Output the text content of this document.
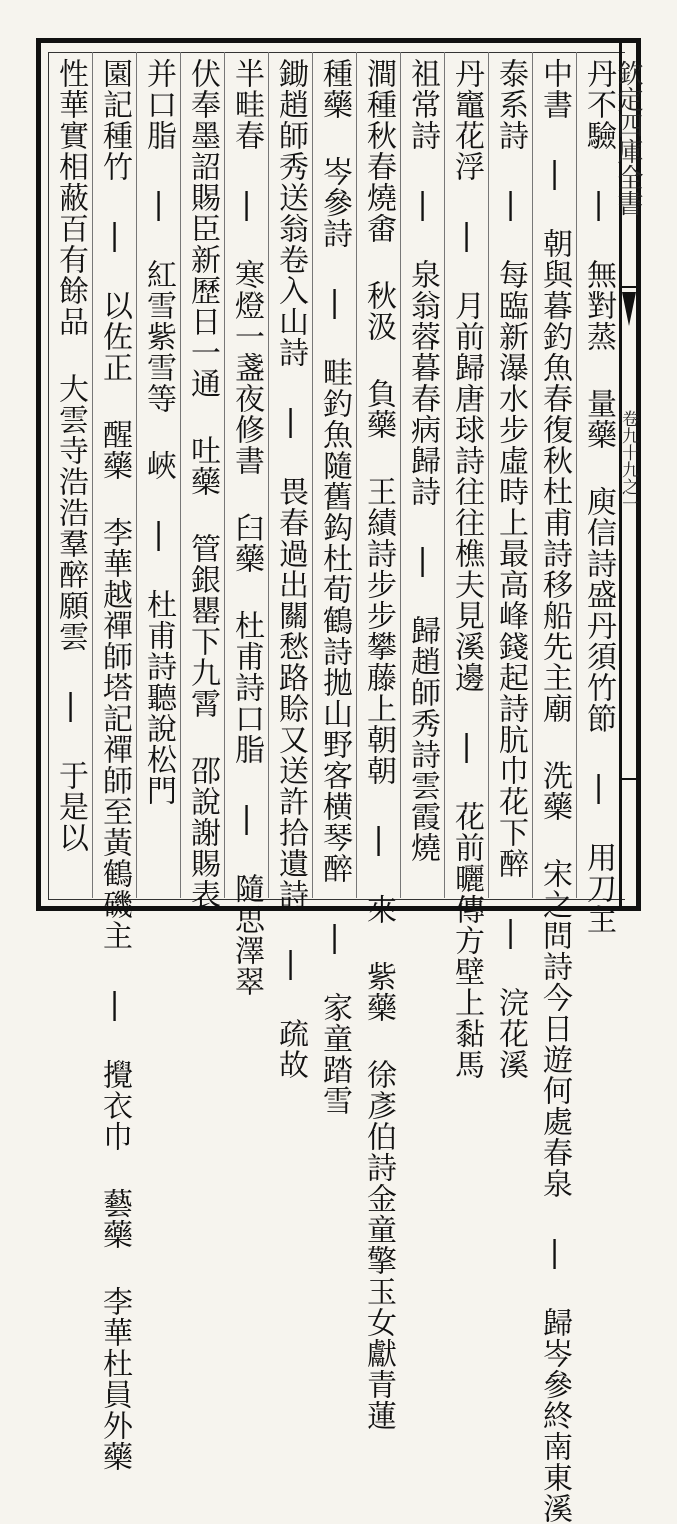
欽定四庫全書
卷九十九之一
丹不驗 | 無對蒸 量藥 庾信詩盛丹須竹節 | 用刀主
中書 | 朝與暮釣魚春復秋杜甫詩移船先主廟 洗藥 宋之問詩今日遊何處春泉 | 歸岑參終南東溪
泰系詩 | 每臨新瀑水步虛時上最高峰錢起詩肮巾花下醉 | 浣花溪
丹竈花浮 | 月前歸唐球詩往往樵夫見溪邊 | 花前曬傳方壁上黏馬
祖常詩 | 泉翁蓉暮春病歸詩 | 歸趙師秀詩雲霞燒
澗種秋春燒畬 秋汲 負藥 王績詩步步攀藤上朝朝 | 來 紫藥 徐彥伯詩金童擎玉女獻青蓮
種藥 岑參詩 | 畦釣魚隨舊鈎杜荀鶴詩拋山野客横琴醉 | 家童踏雪
鋤趙師秀送翁卷入山詩 | 畏春過出關愁路賒又送許拾遺詩 | 疏故
半畦春 | 寒燈一盞夜修書 臼藥 杜甫詩口脂 | 隨思澤翠
伏奉墨詔賜臣新歷日一通 吐藥 管銀罌下九霄 邵說謝賜表
并口脂 | 紅雪紫雪等 峽 | 杜甫詩聽說松門
園記種竹 | 以佐正 醒藥 李華越禪師塔記禪師至黃鶴磯主 | 攪衣巾 藝藥 李華杜員外藥
性華實相蔽百有餘品 大雲寺浩浩羣醉願雲 | 于是以
